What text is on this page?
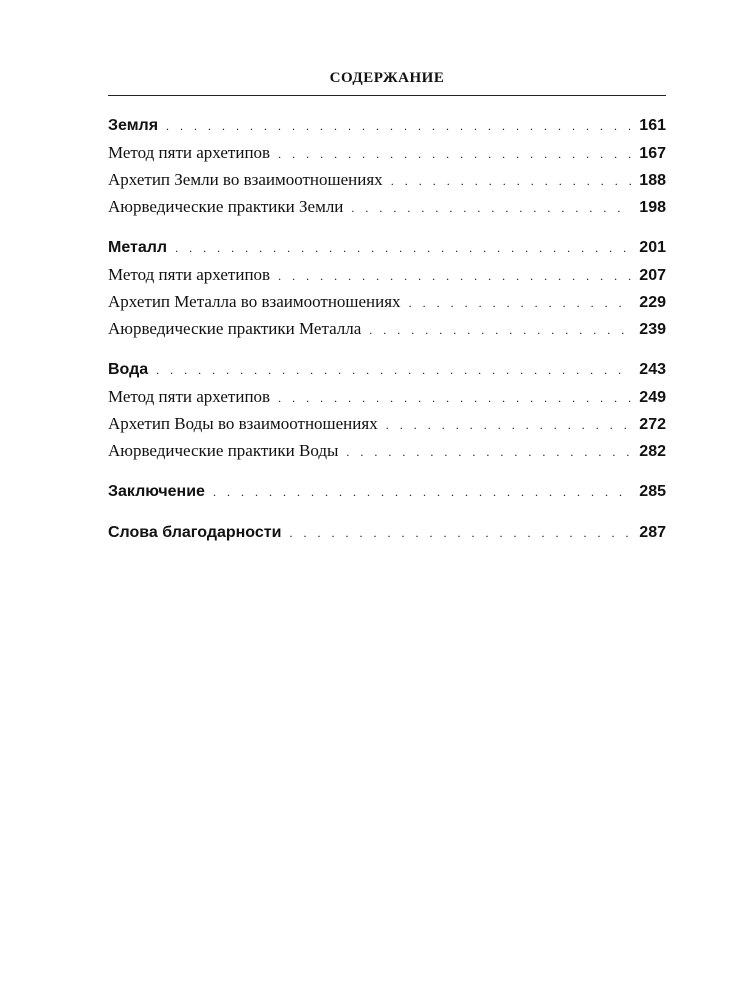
СОДЕРЖАНИЕ
Земля . . .	161
Метод пяти архетипов . . .	167
Архетип Земли во взаимоотношениях . . .	188
Аюрведические практики Земли . . .	198
Металл . . .	201
Метод пяти архетипов . . .	207
Архетип Металла во взаимоотношениях . . .	229
Аюрведические практики Металла . . .	239
Вода . . .	243
Метод пяти архетипов . . .	249
Архетип Воды во взаимоотношениях . . .	272
Аюрведические практики Воды . . .	282
Заключение . . .	285
Слова благодарности . . .	287
